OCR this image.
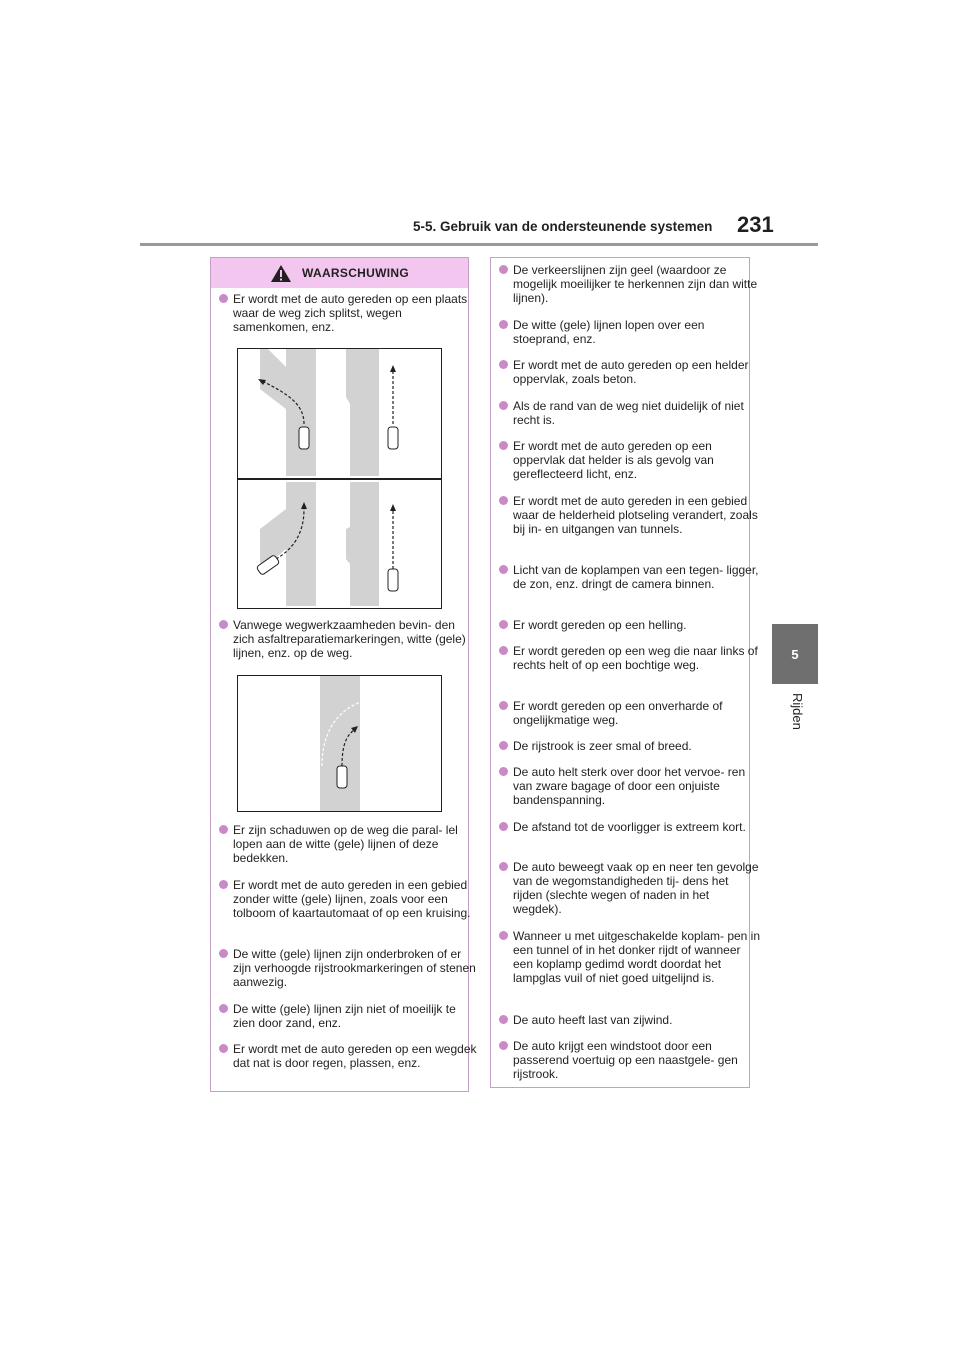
5-5. Gebruik van de ondersteunende systemen 231
5
Rijden
WAARSCHUWING
Er wordt met de auto gereden op een plaats waar de weg zich splitst, wegen samenkomen, enz.
Vanwege wegwerkzaamheden bevin- den zich asfaltreparatiemarkeringen, witte (gele) lijnen, enz. op de weg.
Er zijn schaduwen op de weg die paral- lel lopen aan de witte (gele) lijnen of deze bedekken.
Er wordt met de auto gereden in een gebied zonder witte (gele) lijnen, zoals voor een tolboom of kaartautomaat of op een kruising.
De witte (gele) lijnen zijn onderbroken of er zijn verhoogde rijstrookmarkeringen of stenen aanwezig.
De witte (gele) lijnen zijn niet of moeilijk te zien door zand, enz.
Er wordt met de auto gereden op een wegdek dat nat is door regen, plassen, enz.
De verkeerslijnen zijn geel (waardoor ze mogelijk moeilijker te herkennen zijn dan witte lijnen).
De witte (gele) lijnen lopen over een stoeprand, enz.
Er wordt met de auto gereden op een helder oppervlak, zoals beton.
Als de rand van de weg niet duidelijk of niet recht is.
Er wordt met de auto gereden op een oppervlak dat helder is als gevolg van gereflecteerd licht, enz.
Er wordt met de auto gereden in een gebied waar de helderheid plotseling verandert, zoals bij in- en uitgangen van tunnels.
Licht van de koplampen van een tegen- ligger, de zon, enz. dringt de camera binnen.
Er wordt gereden op een helling.
Er wordt gereden op een weg die naar links of rechts helt of op een bochtige weg.
Er wordt gereden op een onverharde of ongelijkmatige weg.
De rijstrook is zeer smal of breed.
De auto helt sterk over door het vervoe- ren van zware bagage of door een onjuiste bandenspanning.
De afstand tot de voorligger is extreem kort.
De auto beweegt vaak op en neer ten gevolge van de wegomstandigheden tij- dens het rijden (slechte wegen of naden in het wegdek).
Wanneer u met uitgeschakelde koplam- pen in een tunnel of in het donker rijdt of wanneer een koplamp gedimd wordt doordat het lampglas vuil of niet goed uitgelijnd is.
De auto heeft last van zijwind.
De auto krijgt een windstoot door een passerend voertuig op een naastgele- gen rijstrook.
